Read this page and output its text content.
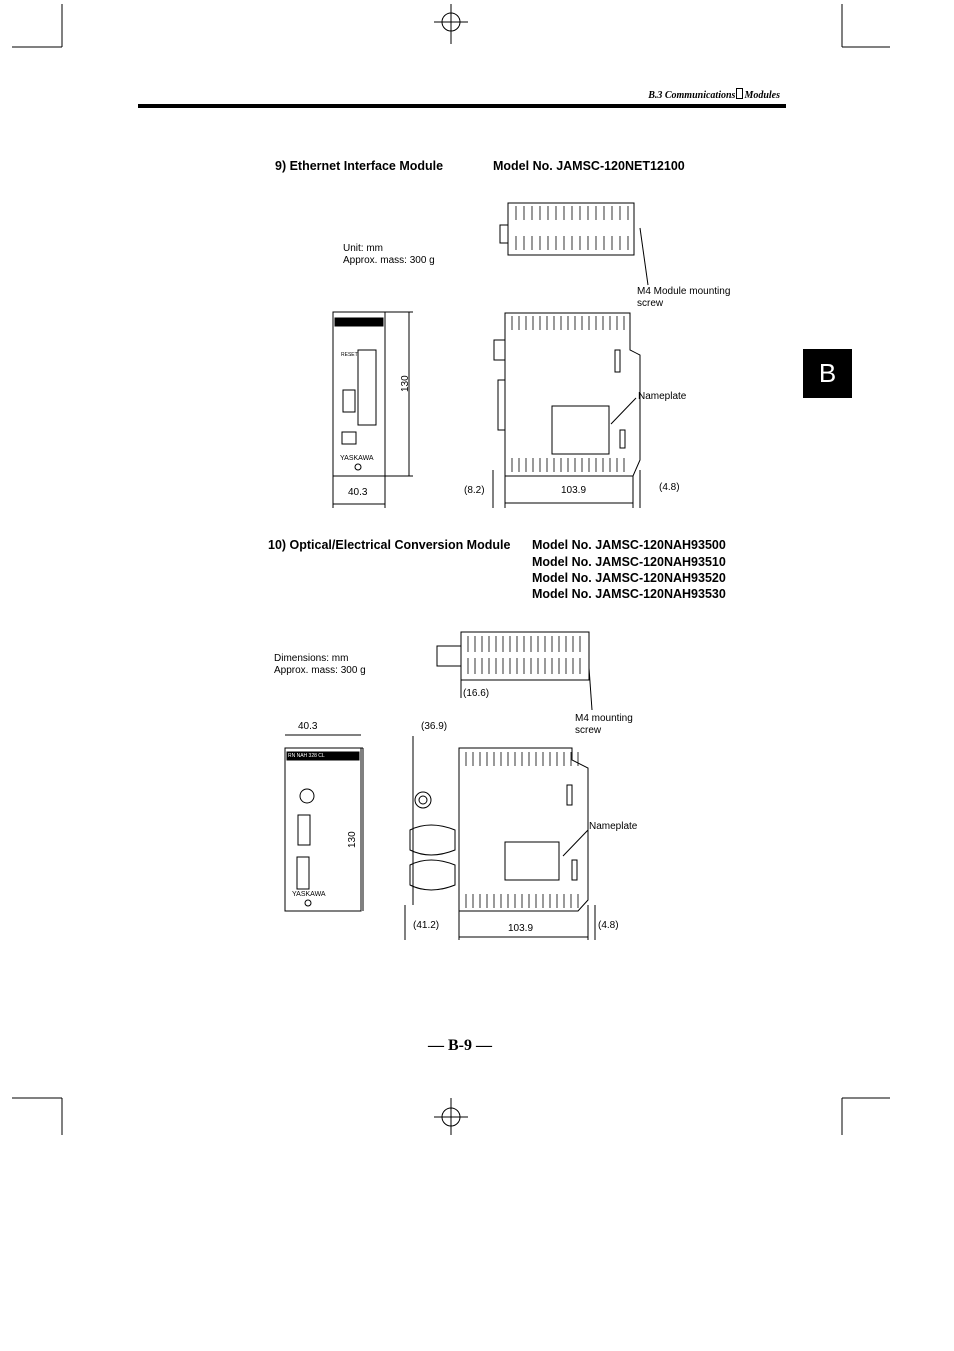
B.3 Communications Modules
B
9) Ethernet Interface Module	Model No. JAMSC-120NET12100
Unit: mm
Approx. mass: 300 g
M4 Module mounting
screw
Nameplate
130
40.3	(8.2)	103.9	(4.8)
RN NET RX TX
RESET
YASKAWA
10) Optical/Electrical Conversion Module Model No. JAMSC-120NAH93500
Model No. JAMSC-120NAH93510
Model No. JAMSC-120NAH93520
Model No. JAMSC-120NAH93530
Dimensions: mm
Approx. mass: 300 g
M4 mounting
screw
Nameplate
(16.6)
40.3	(36.9)
130
(41.2)	103.9	(4.8)
RN NAH 328 CL
YASKAWA
— B-9 —
